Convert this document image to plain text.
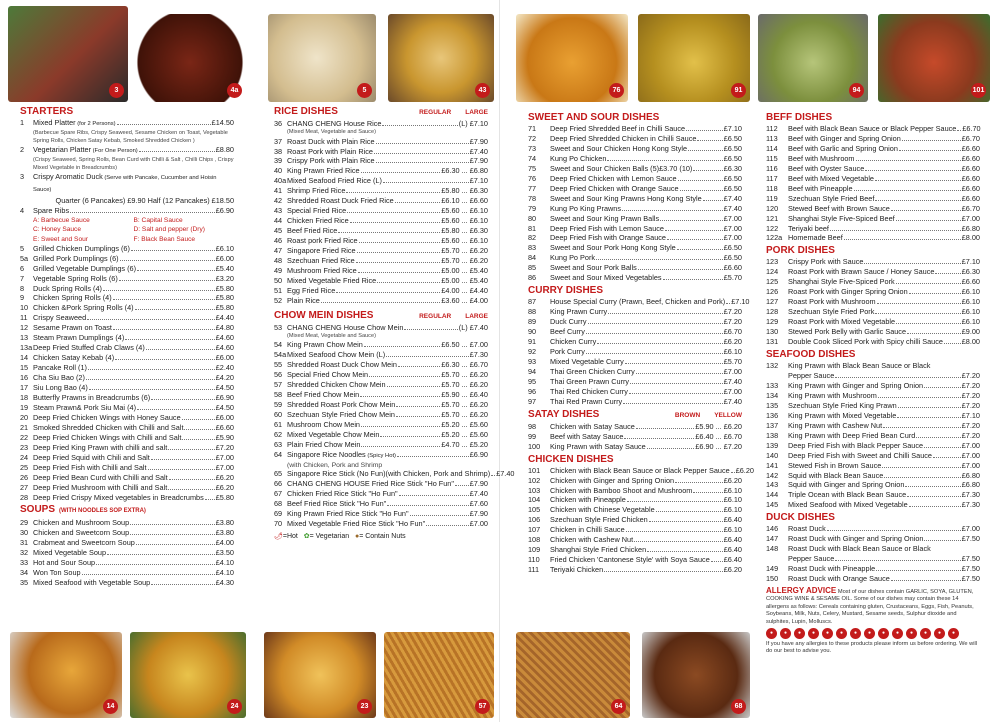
3	4a	5	43
STARTERS
1	Mixed Platter (for 2 Persons)	£14.50
(Barbecue Spare Ribs, Crispy Seaweed, Sesame Chicken on Toast, Vegetable Spring Rolls, Chicken Satay Kebab, Smoked Shredded Chicken )
2	Vegetarian Platter (For One Person)	£8.80
(Crispy Seaweed, Spring Rolls, Bean Curd with Chilli & Salt , Chilli Chips , Crispy Mixed Vegetable in Breadcrumbs)
3	Crispy Aromatic Duck (Serve with Pancake, Cucumber and Hoisin Sauce)
Quarter (6 Pancakes) £9.90 Half (12 Pancakes) £18.50
4	Spare Ribs	£6.90
A: Barbecue Sauce	B: Capital Sauce
C: Honey Sauce	D: Salt and pepper (Dry)
E: Sweet and Sour	F: Black Bean Sauce
5	Grilled Chicken Dumplings (6)	£6.10
5a Grilled Pork Dumplings (6)	£6.00
6	Grilled Vegetable Dumplings (6)	£5.40
7	Vegetable Spring Rolls (6)	£3.20
8	Duck Spring Rolls (4)	£5.80
9	Chicken Spring Rolls (4)	£5.80
10 Chicken &Pork Spring Rolls (4)	£5.80
11 Crispy Seaweed	£4.40
12 Sesame Prawn on Toast	£4.80
13 Steam Prawn Dumplings (4)	£4.60
13a Deep Fried Stuffed Crab Claws (4)	£4.60
14 Chicken Satay Kebab (4)	£6.00
15 Pancake Roll (1)	£2.40
16 Cha Siu Bao (2)	£4.20
17 Siu Long Bao (4)	£4.50
18 Butterfly Prawns in Breadcrumbs (6)	£6.90
19 Steam Prawn& Pork Siu Mai (4)	£4.50
20 Deep Fried Chicken Wings with Honey Sauce	£6.00
21 Smoked Shredded Chicken with Chilli and Salt	£6.60
22 Deep Fried Chicken Wings with Chilli and Salt	£5.90
23 Deep Fried King Prawn with chilli and salt	£7.20
24 Deep Fried Squid with Chili and Salt	£7.00
25 Deep Fried Fish with Chilli and Salt	£7.00
26 Deep Fried Bean Curd with Chilli and Salt	£6.20
27 Deep Fried Mushroom with Chilli and Salt	£6.20
28 Deep Fried Crispy Mixed vegetables in Breadcrumbs £5.80
SOUPS (WITH NOODLES SOP EXTRA)
29 Chicken and Mushroom Soup	£3.80
30 Chicken and Sweetcorn Soup	£3.80
31 Crabmeat and Sweetcorn Soup	£4.00
32 Mixed Vegetable Soup	£3.50
33 Hot and Sour Soup	£4.10
34 Won Ton Soup	£4.10
35 Mixed Seafood with Vegetable Soup	£4.30
RICE DISHES	REGULAR LARGE
36 CHANG CHENG House Rice	(L) £7.10
(Mixed Meat, Vegetable and Sauce)
37 Roast Duck with Plain Rice	£7.90
38 Roast Pork with Plain Rice	£7.40
39 Crispy Pork with Plain Rice	£7.90
40 King Prawn Fried Rice	£6.30 ... £6.80
40a Mixed Seafood Fried Rice (L)	£7.10
41 Shrimp Fried Rice	£5.80 ... £6.30
42 Shredded Roast Duck Fried Rice	£6.10 ... £6.60
43 Special Fried Rice	£5.60 ... £6.10
44 Chicken Fried Rice	£5.60 ... £6.10
45 Beef Fried Rice	£5.80 ... £6.30
46 Roast pork Fried Rice	£5.60 ... £6.10
47 Singapore Fried Rice	£5.70 ... £6.20
48 Szechuan Fried Rice	£5.70 ... £6.20
49 Mushroom Fried Rice	£5.00 ... £5.40
50 Mixed Vegetable Fried Rice	£5.00 ... £5.40
51 Egg Fried Rice	£4.00 ... £4.40
52 Plain Rice	£3.60 ... £4.00
CHOW MEIN DISHES	REGULAR LARGE
53 CHANG CHENG House Chow Mein	(L) £7.40
(Mixed Meat, Vegetable and Sauce)
54 King Prawn Chow Mein	£6.50 ... £7.00
54a Mixed Seafood Chow Mein (L)	£7.30
55 Shredded Roast Duck Chow Mein	£6.30 ... £6.70
56 Special Fried Chow Mein	£5.70 ... £6.20
57 Shredded Chicken Chow Mein	£5.70 ... £6.20
58 Beef Fried Chow Mein	£5.90 ... £6.40
59 Shredded Roast Pork Chow Mein	£5.70 ... £6.20
60 Szechuan Style Fried Chow Mein	£5.70 ... £6.20
61 Mushroom Chow Mein	£5.20 ... £5.60
62 Mixed Vegetable Chow Mein	£5.20 ... £5.60
63 Plain Fried Chow Mein	£4.70 ... £5.20
64 Singapore Rice Noodles (Spicy Hot)	£6.90
(with Chicken, Pork and Shrimp
65 Singapore Rice Stick (No Fun)(with Chicken, Pork and Shrimp) £7.40
66 CHANG CHENG HOUSE Fried Rice Stick "Ho Fun" £7.90
67 Chicken Fried Rice Stick "Ho Fun"	£7.40
68 Beef Fried Rice Stick "Ho Fun"	£7.60
69 King Prawn Fried Rice Stick "Ho Fun"	£7.90
70 Mixed Vegetable Fried Rice Stick "Ho Fun"	£7.00
🌶︎=Hot ✿= Vegetarian ●= Contain Nuts
14	24	23	57
76	91	94	101
SWEET AND SOUR DISHES
71	Deep Fried Shredded Beef in Chilli Sauce	£7.10
72	Deep Fried Shredded Chicken in Chilli Sauce	£6.50
73	Sweet and Sour Chicken Hong Kong Style	£6.50
74	Kung Po Chicken	£6.50
75	Sweet and Sour Chicken Balls (5)£3.70 (10)	£6.30
76	Deep Fried Chicken with Lemon Sauce	£6.50
77	Deep Fried Chicken with Orange Sauce	£6.50
78	Sweet and Sour King Prawns Hong Kong Style	£7.40
79	Kung Po King Prawns	£7.40
80	Sweet and Sour King Prawn Balls	£7.00
81	Deep Fried Fish with Lemon Sauce	£7.00
82	Deep Fried Fish with Orange Sauce	£7.00
83	Sweet and Sour Pork Hong Kong Style	£6.50
84	Kung Po Pork	£6.50
85	Sweet and Sour Pork Balls	£6.60
86	Sweet and Sour Mixed Vegetables	£5.70
CURRY DISHES
87	House Special Curry (Prawn, Beef, Chicken and Pork) £7.10
88	King Prawn Curry	£7.20
89	Duck Curry	£7.20
90	Beef Curry	£6.70
91	Chicken Curry	£6.20
92	Pork Curry	£6.10
93	Mixed Vegetable Curry	£5.70
94	Thai Green Chicken Curry	£7.00
95	Thai Green Prawn Curry	£7.40
96	Thai Red Chicken Curry	£7.00
97	Thai Red Prawn Curry	£7.40
SATAY DISHES	BROWN YELLOW
98	Chicken with Satay Sauce	£5.90 ... £6.20
99	Beef with Satay Sauce	£6.40 ... £6.70
100	King Prawn with Satay Sauce	£6.90 ... £7.20
CHICKEN DISHES
101	Chicken with Black Bean Sauce or Black Pepper Sauce £6.20
102	Chicken with Ginger and Spring Onion	£6.20
103	Chicken with Bamboo Shoot and Mushroom	£6.10
104	Chicken with Pineapple	£6.10
105	Chicken with Chinese Vegetable	£6.10
106	Szechuan Style Fried Chicken	£6.40
107	Chicken in Chilli Sauce	£6.10
108	Chicken with Cashew Nut	£6.40
109	Shanghai Style Fried Chicken	£6.40
110	Fried Chicken 'Cantonese Style' with Soya Sauce £6.40
111	Teriyaki Chicken	£6.20
BEFF DISHES
112	Beef with Black Bean Sauce or Black Pepper Sauce £6.70
113	Beef with Ginger and Spring Onion	£6.70
114	Beef with Garlic and Spring Onion	£6.60
115	Beef with Mushroom	£6.60
116	Beef with Oyster Sauce	£6.60
117	Beef with Mixed Vegetable	£6.60
118	Beef with Pineapple	£6.60
119	Szechuan Style Fried Beef	£6.60
120	Stewed Beef with Brown Sauce	£6.70
121	Shanghai Style Five-Spiced Beef	£7.00
122	Teriyaki beef	£6.80
122a Homemade Beef	£8.00
PORK DISHES
123	Crispy Pork with Sauce	£7.10
124	Roast Pork with Brawn Sauce / Honey Sauce	£6.30
125	Shanghai Style Five-Spiced Pork	£6.60
126	Roast Pork with Ginger Spring Onion	£6.10
127	Roast Pork with Mushroom	£6.10
128	Szechuan Style Fried Pork	£6.10
129	Roast Pork with Mixed Vegetable	£6.10
130	Stewed Pork Belly with Garlic Sauce	£9.00
131	Double Cook Sliced Pork with Spicy chilli Sauce	£8.00
SEAFOOD DISHES
132	King Prawn with Black Bean Sauce or Black
Pepper Sauce	£7.20
133	King Prawn with Ginger and Spring Onion	£7.20
134	King Prawn with Mushroom	£7.20
135	Szechuan Style Fried King Prawn	£7.20
136	King Prawn with Mixed Vegetable	£7.10
137	King Prawn with Cashew Nut	£7.20
138	King Prawn with Deep Fried Bean Curd	£7.20
139	Deep Fried Fish with Black Pepper Sauce	£7.00
140	Deep Fried Fish with Sweet and Chilli Sauce	£7.00
141	Stewed Fish in Brown Sauce	£7.00
142	Squid with Black Bean Sauce	£6.80
143	Squid with Ginger and Spring Onion	£6.80
144	Triple Ocean with Black Bean Sauce	£7.30
145	Mixed Seafood with Mixed Vegetable	£7.30
DUCK DISHES
146	Roast Duck	£7.00
147	Roast Duck with Ginger and Spring Onion	£7.50
148	Roast Duck with Black Bean Sauce or Black
Pepper Sauce	£7.50
149	Roast Duck with Pineapple	£7.50
150	Roast Duck with Orange Sauce	£7.50
ALLERGY ADVICE Most of our dishes contain GARLIC, SOYA, GLUTEN, COOKING WINE & SESAME OIL. Some of our dishes may contain these 14 allergens as follows: Cereals containing gluten, Crustaceans, Eggs, Fish, Peanuts, Soybeans, Milk, Nuts, Celery, Mustard, Sesame seeds, Sulphur dioxide and sulphites, Lupin, Molluscs.
●	●	●	●	●	●	●	●	●	●	●	●	●	●
If you have any allergies to these products please inform us before ordering. We will do our best to advise you.
64	68
